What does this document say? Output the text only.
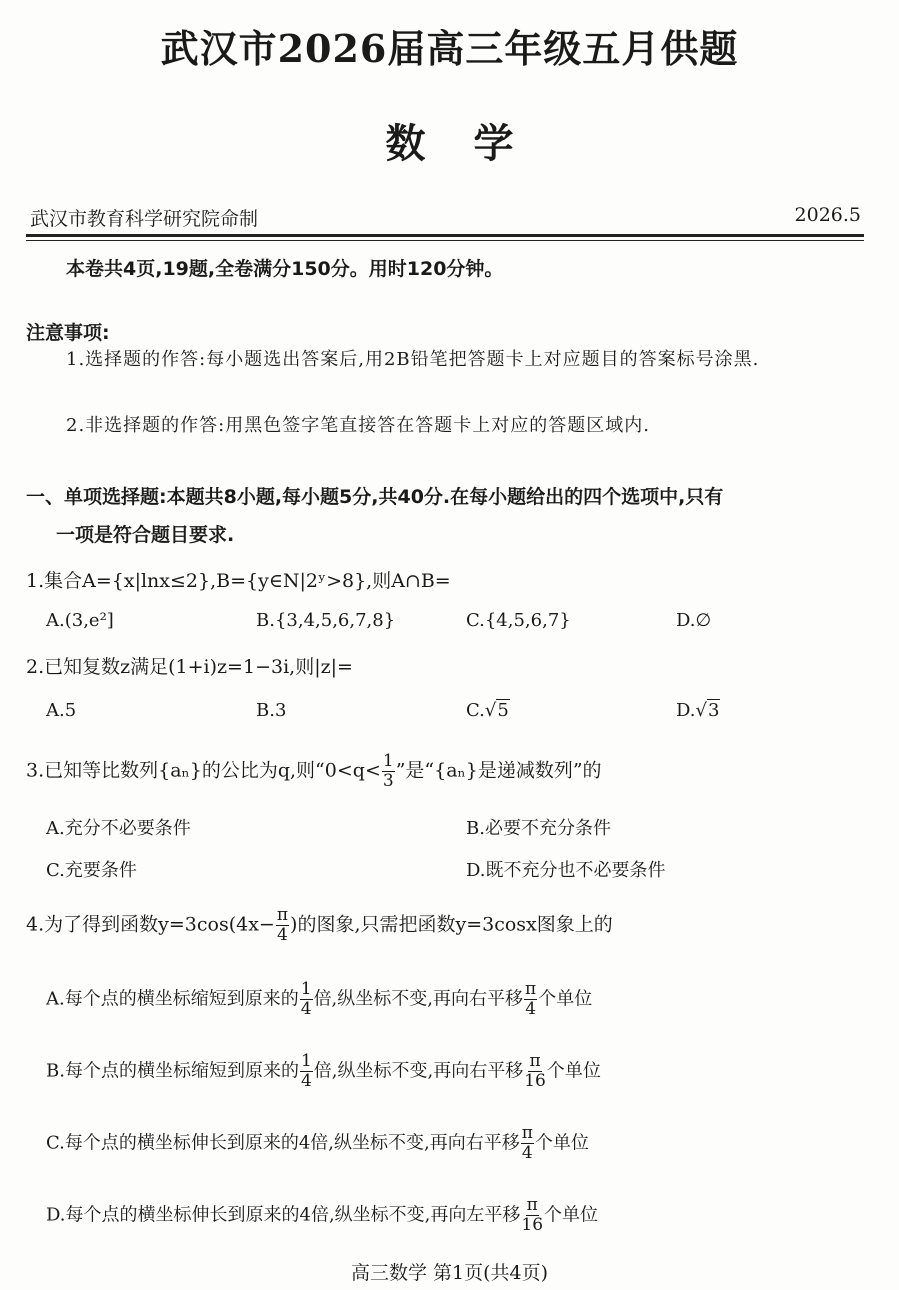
武汉市2026届高三年级五月供题
数 学
武汉市教育科学研究院命制	2026.5
本卷共4页,19题,全卷满分150分。用时120分钟。
注意事项:
1.选择题的作答:每小题选出答案后,用2B铅笔把答题卡上对应题目的答案标号涂黑.
2.非选择题的作答:用黑色签字笔直接答在答题卡上对应的答题区域内.
一、单项选择题:本题共8小题,每小题5分,共40分.在每小题给出的四个选项中,只有
一项是符合题目要求.
1.集合A={x|lnx≤2},B={y∈N|2ʸ>8},则A∩B=
A.(3,e²]	B.{3,4,5,6,7,8}	C.{4,5,6,7}	D.∅
2.已知复数z满足(1+i)z=1−3i,则|z|=
A.5	B.3	C.√5	D.√3
3.已知等比数列{aₙ}的公比为q,则“$0<q< \frac{1}{3}$ ”是“{aₙ}是递减数列”的
A.充分不必要条件	B.必要不充分条件
C.充要条件	D.既不充分也不必要条件
4.为了得到函数$y=3\cos(4x- \frac{\pi}{4}$ )的图象,只需把函数y=3cosx图象上的
A.每个点的横坐标缩短到原来的 $\frac{1}{4}$ 倍,纵坐标不变,再向右平移 $\frac{\pi}{4}$ 个单位
B.每个点的横坐标缩短到原来的 $\frac{1}{4}$ 倍,纵坐标不变,再向右平移 $\frac{\pi}{16}$ 个单位
C.每个点的横坐标伸长到原来的4倍,纵坐标不变,再向右平移 $\frac{\pi}{4}$ 个单位
D.每个点的横坐标伸长到原来的4倍,纵坐标不变,再向左平移 $\frac{\pi}{16}$ 个单位
高三数学 第1页(共4页)
